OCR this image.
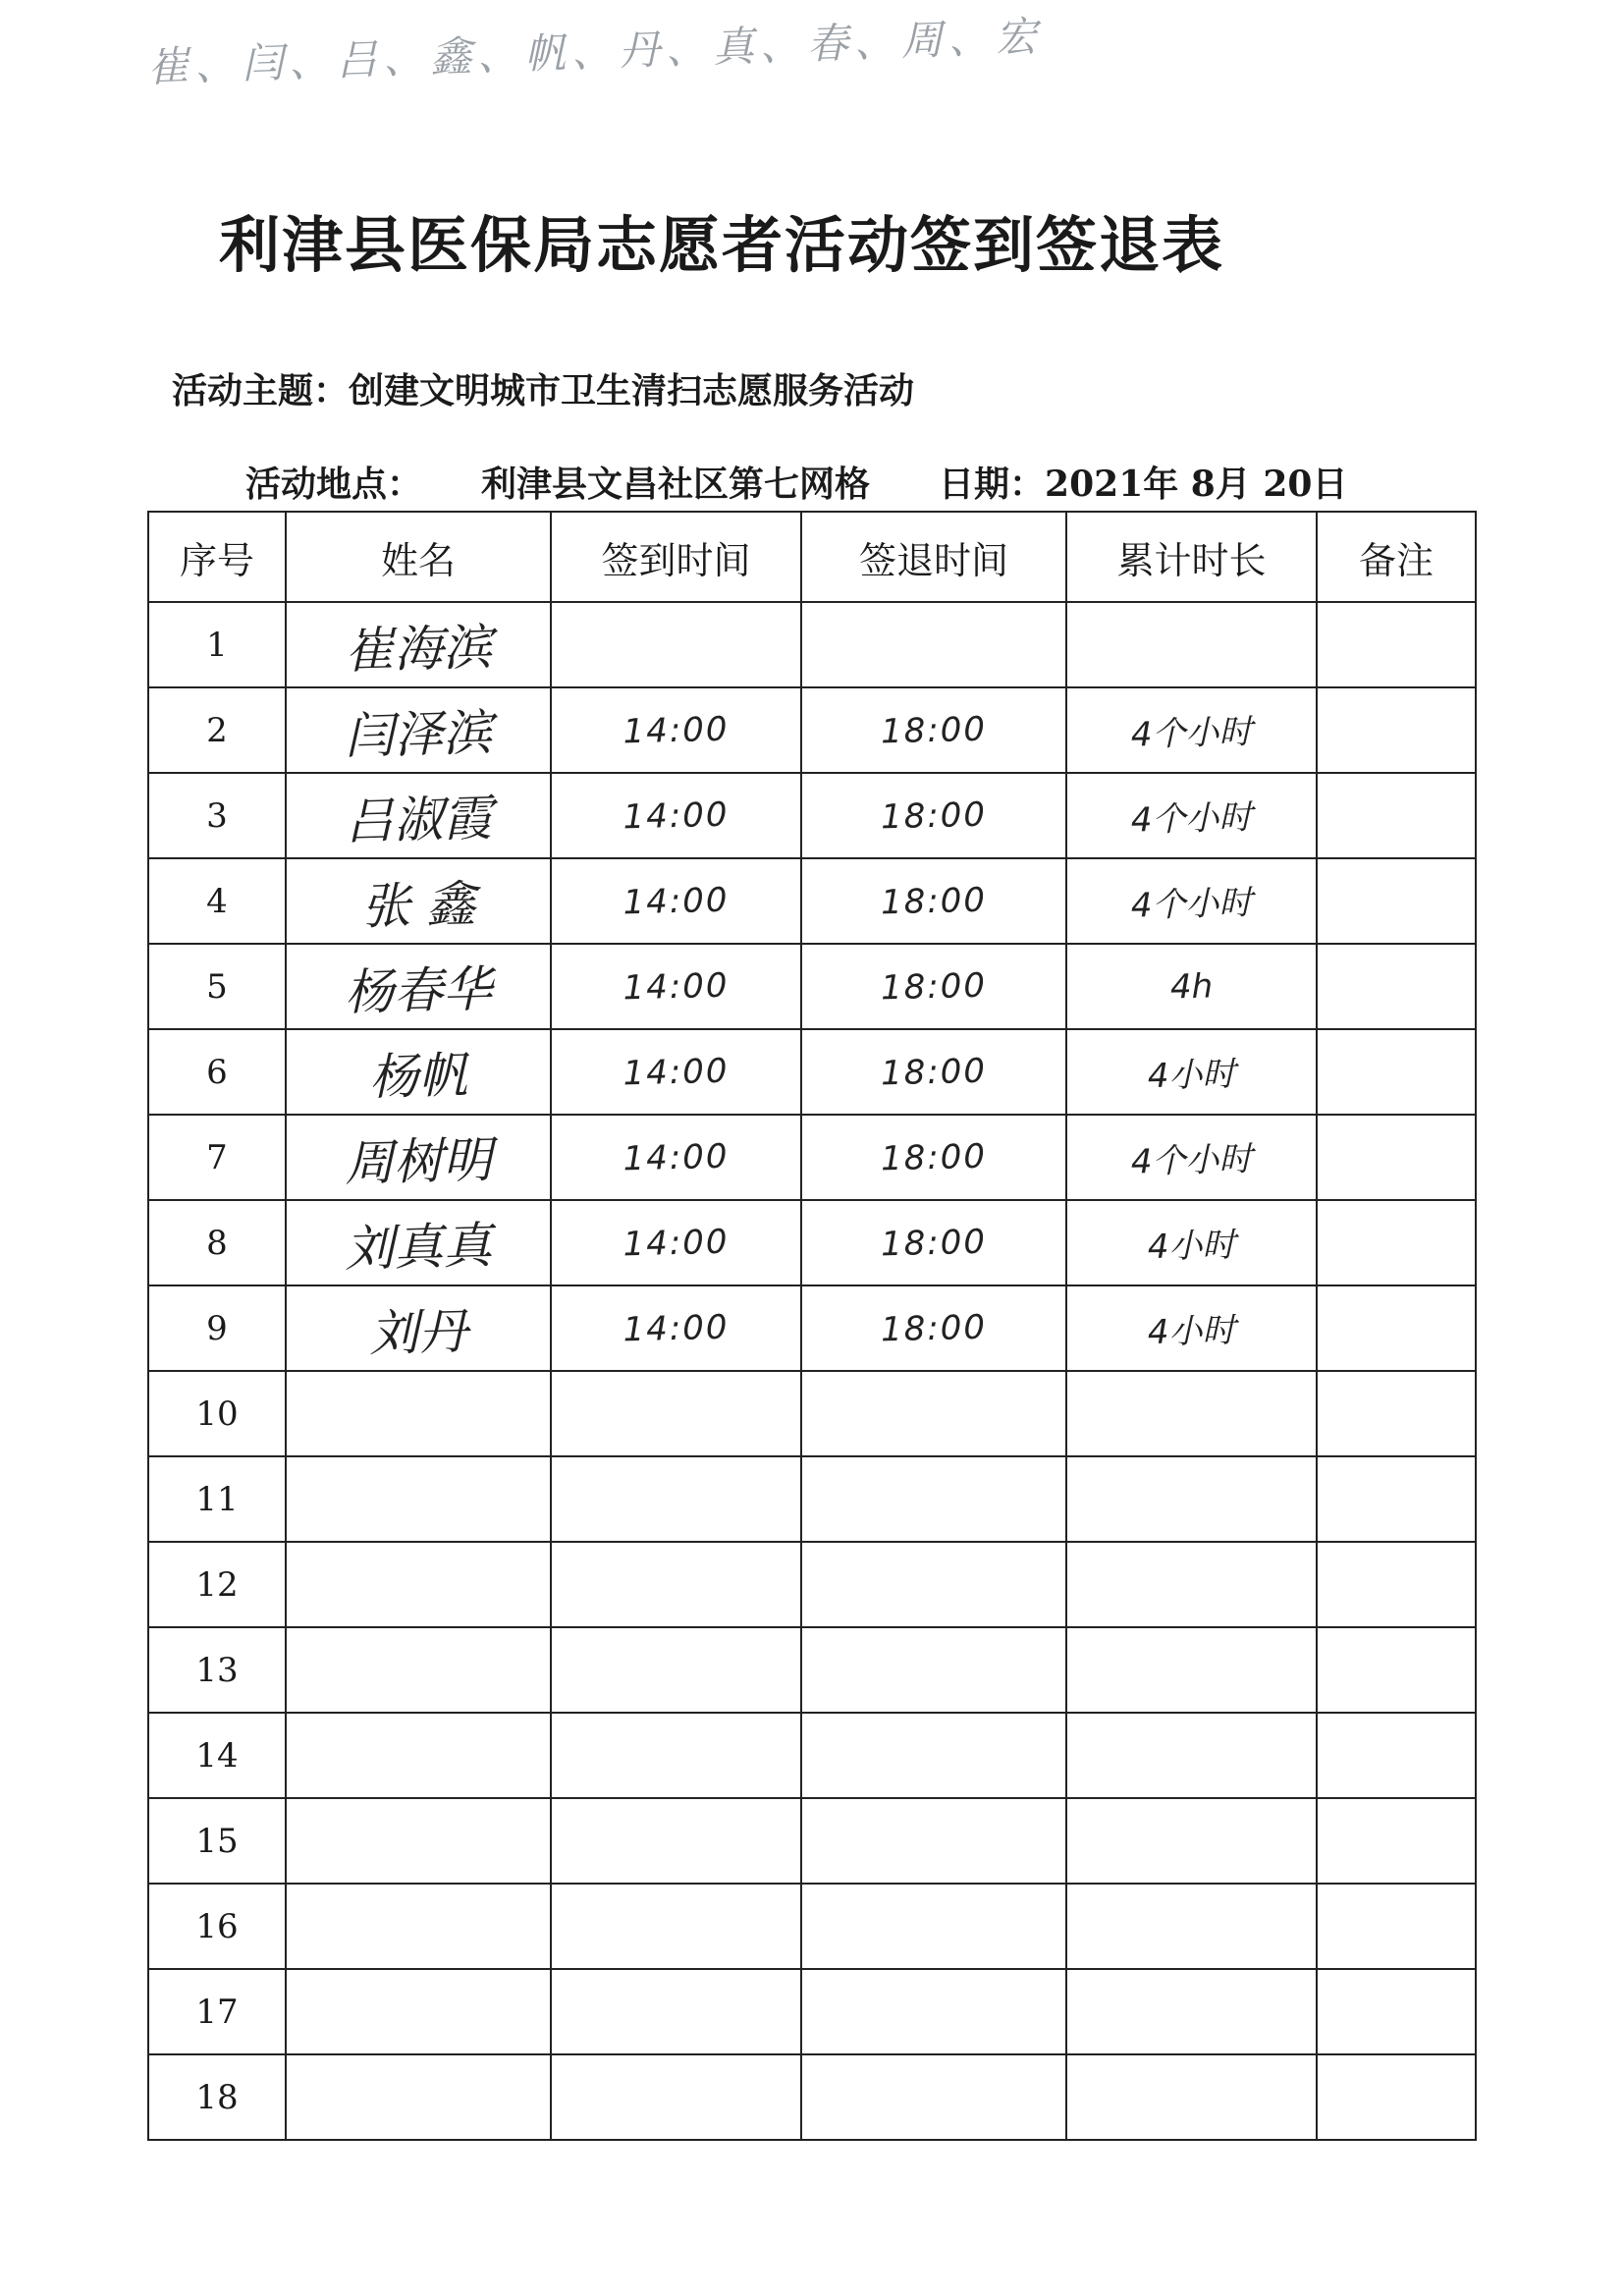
崔、闫、吕、鑫、帆、丹、真、春、周、宏
利津县医保局志愿者活动签到签退表
活动主题：创建文明城市卫生清扫志愿服务活动
活动地点： 利津县文昌社区第七网格 日期：2021年 8月 20日
序号	姓名	签到时间	签退时间	累计时长	备注
1	崔海滨				
2	闫泽滨	14:00	18:00	4个小时	
3	吕淑霞	14:00	18:00	4个小时	
4	张 鑫	14:00	18:00	4个小时	
5	杨春华	14:00	18:00	4h	
6	杨帆	14:00	18:00	4小时	
7	周树明	14:00	18:00	4个小时	
8	刘真真	14:00	18:00	4小时	
9	刘丹	14:00	18:00	4小时	
10					
11					
12					
13					
14					
15					
16					
17					
18					
